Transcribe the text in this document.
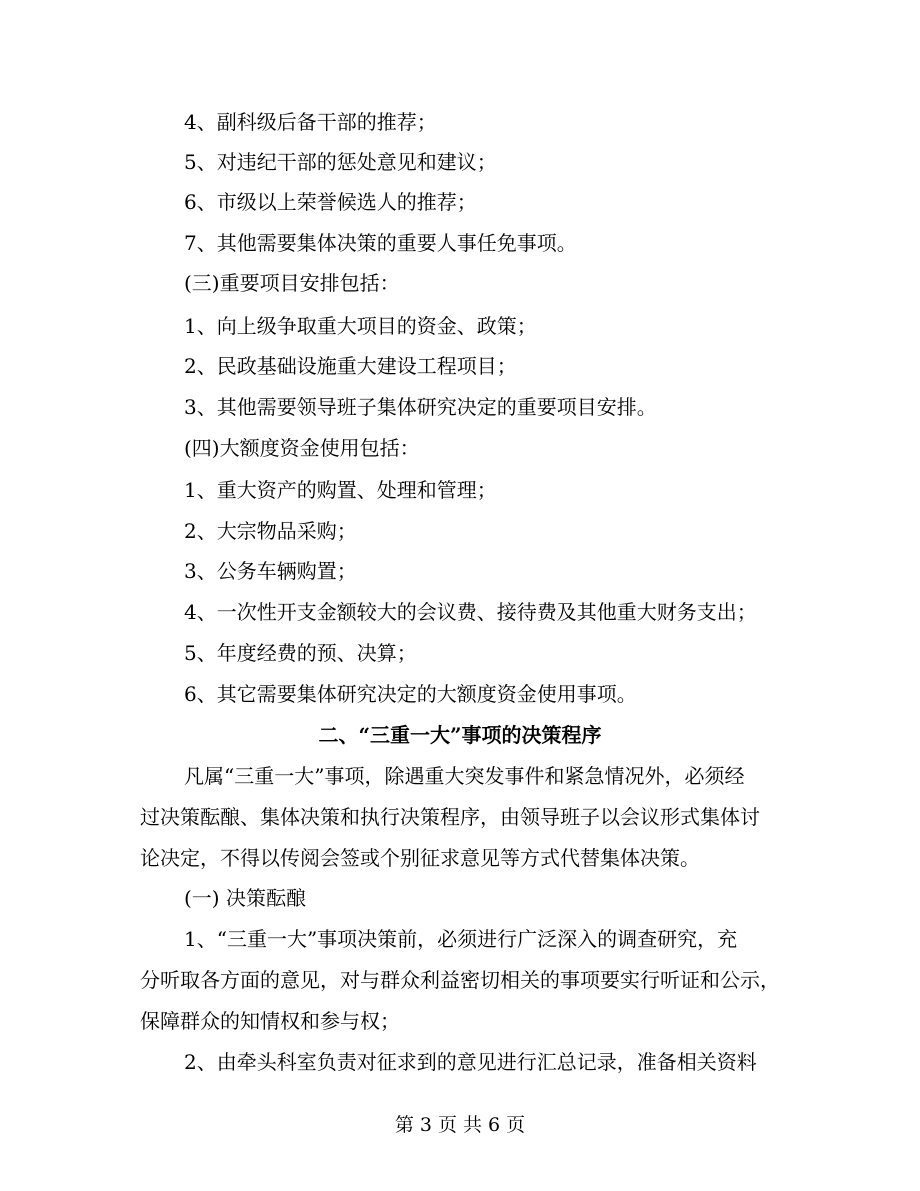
4、副科级后备干部的推荐；
5、对违纪干部的惩处意见和建议；
6、市级以上荣誉候选人的推荐；
7、其他需要集体决策的重要人事任免事项。
(三)重要项目安排包括：
1、向上级争取重大项目的资金、政策；
2、民政基础设施重大建设工程项目；
3、其他需要领导班子集体研究决定的重要项目安排。
(四)大额度资金使用包括：
1、重大资产的购置、处理和管理；
2、大宗物品采购；
3、公务车辆购置；
4、一次性开支金额较大的会议费、接待费及其他重大财务支出；
5、年度经费的预、决算；
6、其它需要集体研究决定的大额度资金使用事项。
二、“三重一大”事项的决策程序
凡属“三重一大”事项，除遇重大突发事件和紧急情况外，必须经
过决策酝酿、集体决策和执行决策程序，由领导班子以会议形式集体讨
论决定，不得以传阅会签或个别征求意见等方式代替集体决策。
(一) 决策酝酿
1、“三重一大”事项决策前，必须进行广泛深入的调查研究，充
分听取各方面的意见，对与群众利益密切相关的事项要实行听证和公示，
保障群众的知情权和参与权；
2、由牵头科室负责对征求到的意见进行汇总记录，准备相关资料
第 3 页 共 6 页
